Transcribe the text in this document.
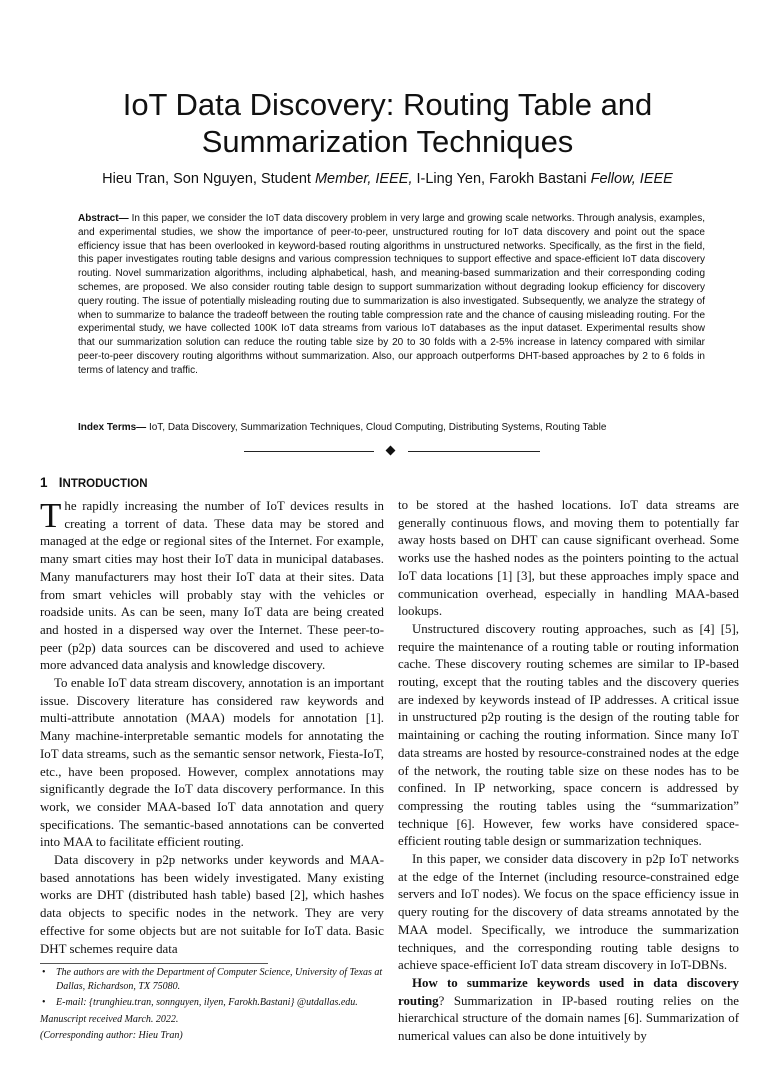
IoT Data Discovery: Routing Table and Summarization Techniques
Hieu Tran, Son Nguyen, Student Member, IEEE, I-Ling Yen, Farokh Bastani Fellow, IEEE

Abstract— In this paper, we consider the IoT data discovery problem in very large and growing scale networks. Through analysis, examples, and experimental studies, we show the importance of peer-to-peer, unstructured routing for IoT data discovery and point out the space efficiency issue that has been overlooked in keyword-based routing algorithms in unstructured networks. Specifically, as the first in the field, this paper investigates routing table designs and various compression techniques to support effective and space-efficient IoT data discovery routing. Novel summarization algorithms, including alphabetical, hash, and meaning-based summarization and their corresponding coding schemes, are proposed. We also consider routing table design to support summarization without degrading lookup efficiency for discovery query routing. The issue of potentially misleading routing due to summarization is also investigated. Subsequently, we analyze the strategy of when to summarize to balance the tradeoff between the routing table compression rate and the chance of causing misleading routing. For the experimental study, we have collected 100K IoT data streams from various IoT databases as the input dataset. Experimental results show that our summarization solution can reduce the routing table size by 20 to 30 folds with a 2-5% increase in latency compared with similar peer-to-peer discovery routing algorithms without summarization. Also, our approach outperforms DHT-based approaches by 2 to 6 folds in terms of latency and traffic.

Index Terms— IoT, Data Discovery, Summarization Techniques, Cloud Computing, Distributing Systems, Routing Table

1 INTRODUCTION

The rapidly increasing the number of IoT devices results in creating a torrent of data. These data may be stored and managed at the edge or regional sites of the Internet. For example, many smart cities may host their IoT data in municipal databases. Many manufacturers may host their IoT data at their sites. Data from smart vehicles will probably stay with the vehicles or roadside units. As can be seen, many IoT data are being created and hosted in a dispersed way over the Internet. These peer-to-peer (p2p) data sources can be discovered and used to achieve more advanced data analysis and knowledge discovery.

To enable IoT data stream discovery, annotation is an important issue. Discovery literature has considered raw keywords and multi-attribute annotation (MAA) models for annotation [1]. Many machine-interpretable semantic models for annotating the IoT data streams, such as the semantic sensor network, Fiesta-IoT, etc., have been proposed. However, complex annotations may significantly degrade the IoT data discovery performance. In this work, we consider MAA-based IoT data annotation and query specifications. The semantic-based annotations can be converted into MAA to facilitate efficient routing.

Data discovery in p2p networks under keywords and MAA-based annotations has been widely investigated. Many existing works are DHT (distributed hash table) based [2], which hashes data objects to specific nodes in the network. They are very effective for some objects but are not suitable for IoT data. Basic DHT schemes require data

to be stored at the hashed locations. IoT data streams are generally continuous flows, and moving them to potentially far away hosts based on DHT can cause significant overhead. Some works use the hashed nodes as the pointers pointing to the actual IoT data locations [1] [3], but these approaches imply space and communication overhead, especially in handling MAA-based lookups.

Unstructured discovery routing approaches, such as [4] [5], require the maintenance of a routing table or routing information cache. These discovery routing schemes are similar to IP-based routing, except that the routing tables and the discovery queries are indexed by keywords instead of IP addresses. A critical issue in unstructured p2p routing is the design of the routing table for maintaining or caching the routing information. Since many IoT data streams are hosted by resource-constrained nodes at the edge of the network, the routing table size on these nodes has to be confined. In IP networking, space concern is addressed by compressing the routing tables using the “summarization” technique [6]. However, few works have considered space-efficient routing table design or summarization techniques.

In this paper, we consider data discovery in p2p IoT networks at the edge of the Internet (including resource-constrained edge servers and IoT nodes). We focus on the space efficiency issue in query routing for the discovery of data streams annotated by the MAA model. Specifically, we introduce the summarization techniques, and the corresponding routing table designs to achieve space-efficient IoT data stream discovery in IoT-DBNs.

How to summarize keywords used in data discovery routing? Summarization in IP-based routing relies on the hierarchical structure of the domain names [6]. Summarization of numerical values can also be done intuitively by

• The authors are with the Department of Computer Science, University of Texas at Dallas, Richardson, TX 75080.
• E-mail: {trunghieu.tran, sonnguyen, ilyen, Farokh.Bastani} @utdallas.edu.
Manuscript received March. 2022.
(Corresponding author: Hieu Tran)
